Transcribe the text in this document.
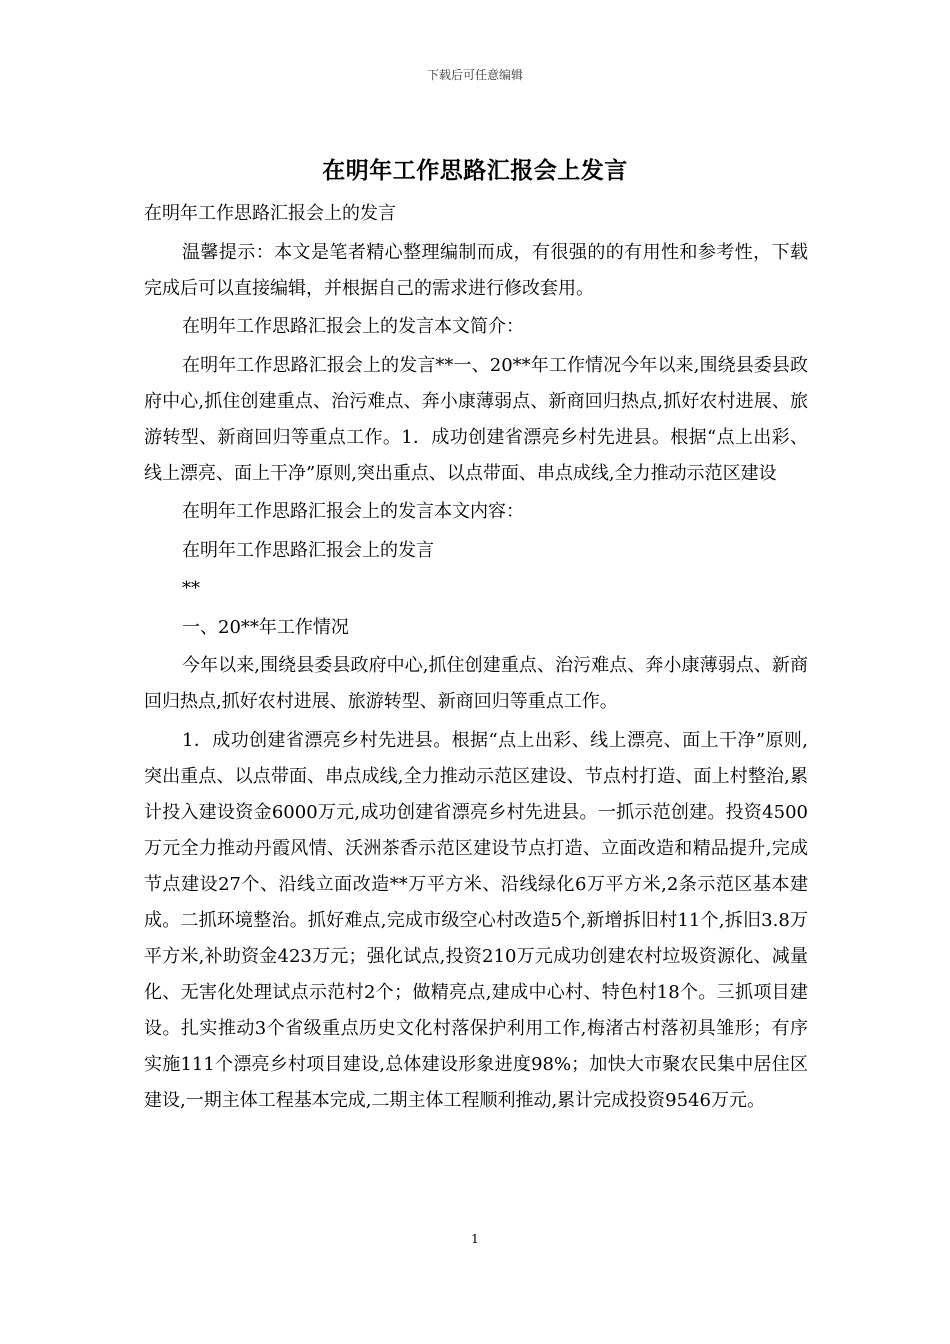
下载后可任意编辑
在明年工作思路汇报会上发言

在明年工作思路汇报会上的发言

温馨提示：本文是笔者精心整理编制而成，有很强的的有用性和参考性，下载完成后可以直接编辑，并根据自己的需求进行修改套用。

在明年工作思路汇报会上的发言本文简介：

在明年工作思路汇报会上的发言**一、20**年工作情况今年以来,围绕县委县政府中心,抓住创建重点、治污难点、奔小康薄弱点、新商回归热点,抓好农村进展、旅游转型、新商回归等重点工作。1．成功创建省漂亮乡村先进县。根据“点上出彩、线上漂亮、面上干净”原则,突出重点、以点带面、串点成线,全力推动示范区建设

在明年工作思路汇报会上的发言本文内容：

在明年工作思路汇报会上的发言

**

一、20**年工作情况

今年以来,围绕县委县政府中心,抓住创建重点、治污难点、奔小康薄弱点、新商回归热点,抓好农村进展、旅游转型、新商回归等重点工作。

1．成功创建省漂亮乡村先进县。根据“点上出彩、线上漂亮、面上干净”原则,突出重点、以点带面、串点成线,全力推动示范区建设、节点村打造、面上村整治,累计投入建设资金6000万元,成功创建省漂亮乡村先进县。一抓示范创建。投资4500万元全力推动丹霞风情、沃洲茶香示范区建设节点打造、立面改造和精品提升,完成节点建设27个、沿线立面改造**万平方米、沿线绿化6万平方米,2条示范区基本建成。二抓环境整治。抓好难点,完成市级空心村改造5个,新增拆旧村11个,拆旧3.8万平方米,补助资金423万元；强化试点,投资210万元成功创建农村垃圾资源化、减量化、无害化处理试点示范村2个；做精亮点,建成中心村、特色村18个。三抓项目建设。扎实推动3个省级重点历史文化村落保护利用工作,梅渚古村落初具雏形；有序实施111个漂亮乡村项目建设,总体建设形象进度98%；加快大市聚农民集中居住区建设,一期主体工程基本完成,二期主体工程顺利推动,累计完成投资9546万元。

1
